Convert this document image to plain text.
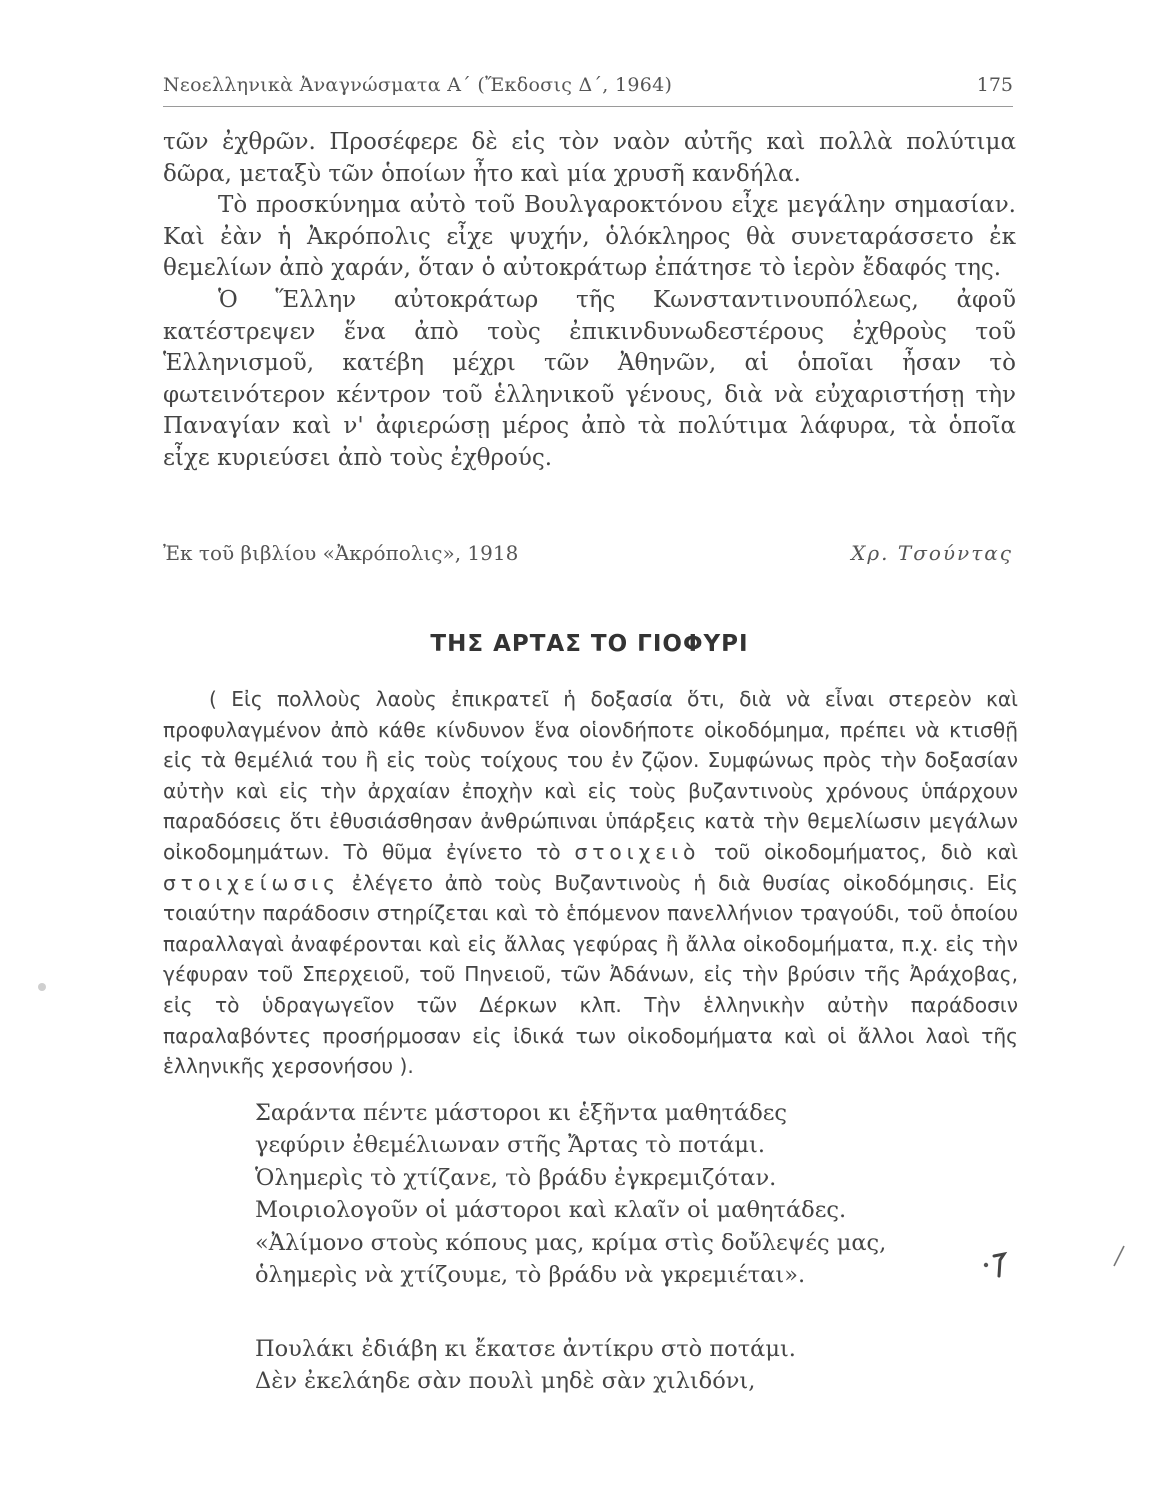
Νεοελληνικὰ Ἀναγνώσματα Α΄ (Ἔκδοσις Δ΄, 1964)	175

τῶν ἐχθρῶν. Προσέφερε δὲ εἰς τὸν ναὸν αὐτῆς καὶ πολλὰ πολύτιμα δῶρα, μεταξὺ τῶν ὁποίων ἦτο καὶ μία χρυσῆ κανδήλα.

Τὸ προσκύνημα αὐτὸ τοῦ Βουλγαροκτόνου εἶχε μεγάλην σημασίαν. Καὶ ἐὰν ἡ Ἀκρόπολις εἶχε ψυχήν, ὁλόκληρος θὰ συνεταράσσετο ἐκ θεμελίων ἀπὸ χαράν, ὅταν ὁ αὐτοκράτωρ ἐπάτησε τὸ ἱερὸν ἔδαφός της.

Ὁ Ἕλλην αὐτοκράτωρ τῆς Κωνσταντινουπόλεως, ἀφοῦ κατέστρεψεν ἕνα ἀπὸ τοὺς ἐπικινδυνωδεστέρους ἐχθροὺς τοῦ Ἑλληνισμοῦ, κατέβη μέχρι τῶν Ἀθηνῶν, αἱ ὁποῖαι ἦσαν τὸ φωτεινότερον κέντρον τοῦ ἑλληνικοῦ γένους, διὰ νὰ εὐχαριστήσῃ τὴν Παναγίαν καὶ ν' ἀφιερώσῃ μέρος ἀπὸ τὰ πολύτιμα λάφυρα, τὰ ὁποῖα εἶχε κυριεύσει ἀπὸ τοὺς ἐχθρούς.

Ἐκ τοῦ βιβλίου «Ἀκρόπολις», 1918	Χρ. Τσούντας
ΤΗΣ ΑΡΤΑΣ ΤΟ ΓΙΟΦΥΡΙ

( Εἰς πολλοὺς λαοὺς ἐπικρατεῖ ἡ δοξασία ὅτι, διὰ νὰ εἶναι στερεὸν καὶ προφυλαγμένον ἀπὸ κάθε κίνδυνον ἕνα οἱονδήποτε οἰκοδόμημα, πρέπει νὰ κτισθῇ εἰς τὰ θεμέλιά του ἢ εἰς τοὺς τοίχους του ἐν ζῷον. Συμφώνως πρὸς τὴν δοξασίαν αὐτὴν καὶ εἰς τὴν ἀρχαίαν ἐποχὴν καὶ εἰς τοὺς βυζαντινοὺς χρόνους ὑπάρχουν παραδόσεις ὅτι ἐθυσιάσθησαν ἀνθρώπιναι ὑπάρξεις κατὰ τὴν θεμελίωσιν μεγάλων οἰκοδομημάτων. Τὸ θῦμα ἐγίνετο τὸ στοιχειὸ τοῦ οἰκοδομήματος, διὸ καὶ στοιχείωσις ἐλέγετο ἀπὸ τοὺς Βυζαντινοὺς ἡ διὰ θυσίας οἰκοδόμησις. Εἰς τοιαύτην παράδοσιν στηρίζεται καὶ τὸ ἑπόμενον πανελλήνιον τραγούδι, τοῦ ὁποίου παραλλαγαὶ ἀναφέρονται καὶ εἰς ἄλλας γεφύρας ἢ ἄλλα οἰκοδομήματα, π.χ. εἰς τὴν γέφυραν τοῦ Σπερχειοῦ, τοῦ Πηνειοῦ, τῶν Ἀδάνων, εἰς τὴν βρύσιν τῆς Ἀράχοβας, εἰς τὸ ὑδραγωγεῖον τῶν Δέρκων κλπ. Τὴν ἑλληνικὴν αὐτὴν παράδοσιν παραλαβόντες προσήρμοσαν εἰς ἰδικά των οἰκοδομήματα καὶ οἱ ἄλλοι λαοὶ τῆς ἑλληνικῆς χερσονήσου ).

Σαράντα πέντε μάστοροι κι ἑξῆντα μαθητάδες
γεφύριν ἐθεμέλιωναν στῆς Ἄρτας τὸ ποτάμι.
Ὁλημερὶς τὸ χτίζανε, τὸ βράδυ ἐγκρεμιζόταν.
Μοιριολογοῦν οἱ μάστοροι καὶ κλαῖν οἱ μαθητάδες.
«Ἀλίμονο στοὺς κόπους μας, κρίμα στὶς δοὔλεψές μας,
ὁλημερὶς νὰ χτίζουμε, τὸ βράδυ νὰ γκρεμιέται».
Πουλάκι ἐδιάβη κι ἔκατσε ἀντίκρυ στὸ ποτάμι.
Δὲν ἐκελάηδε σὰν πουλὶ μηδὲ σὰν χιλιδόνι,
